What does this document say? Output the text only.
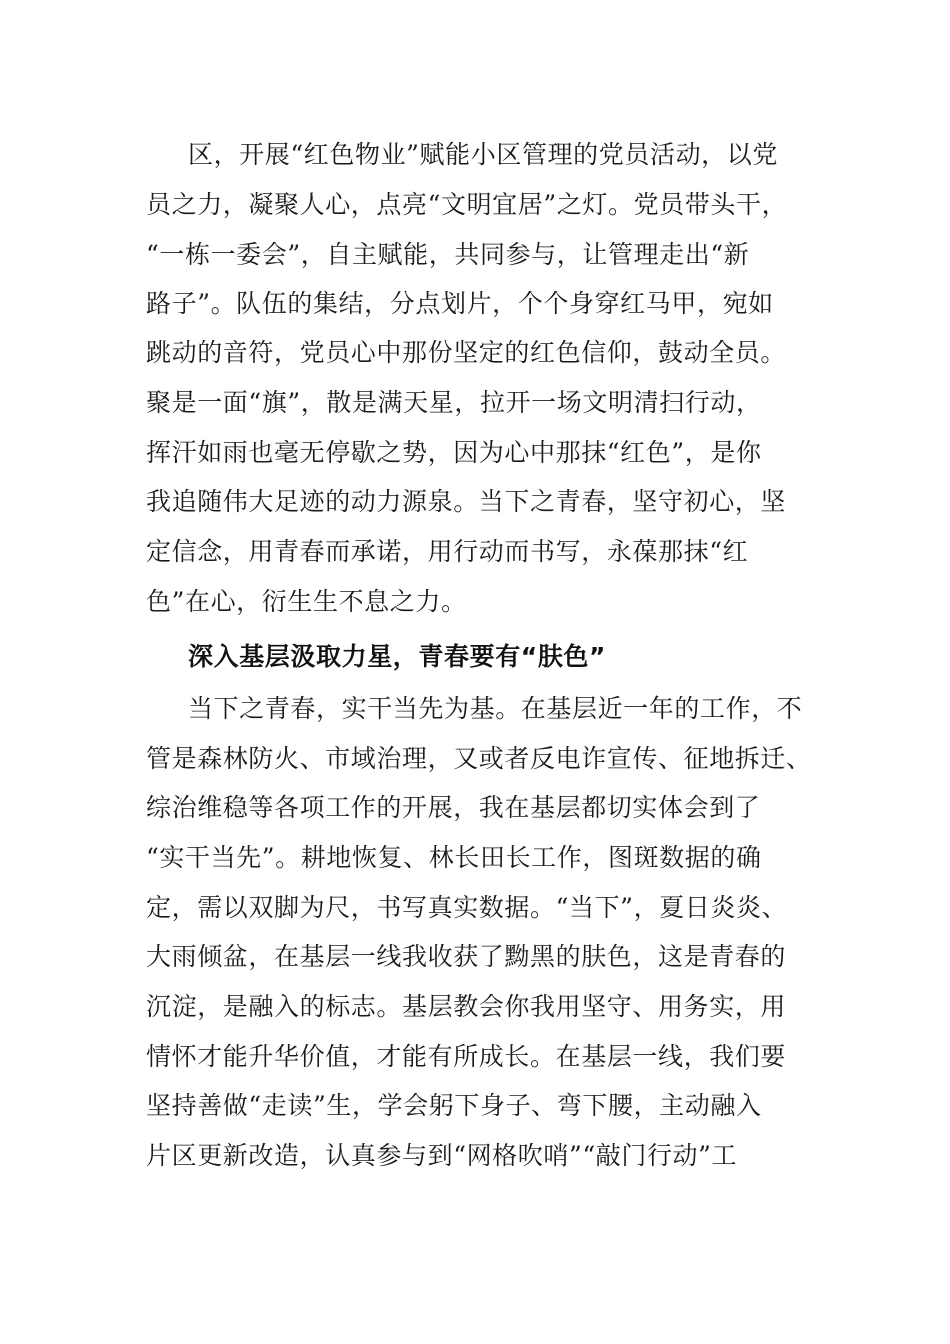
区，开展“红色物业”赋能小区管理的党员活动，以党
员之力，凝聚人心，点亮“文明宜居”之灯。党员带头干，
“一栋一委会”，自主赋能，共同参与，让管理走出“新
路子”。队伍的集结，分点划片，个个身穿红马甲，宛如
跳动的音符，党员心中那份坚定的红色信仰，鼓动全员。
聚是一面“旗”，散是满天星，拉开一场文明清扫行动，
挥汗如雨也毫无停歇之势，因为心中那抹“红色”，是你
我追随伟大足迹的动力源泉。当下之青春，坚守初心，坚
定信念，用青春而承诺，用行动而书写，永葆那抹“红
色”在心，衍生生不息之力。
深入基层汲取力星，青春要有“肤色”
当下之青春，实干当先为基。在基层近一年的工作，不
管是森林防火、市域治理，又或者反电诈宣传、征地拆迁、
综治维稳等各项工作的开展，我在基层都切实体会到了
“实干当先”。耕地恢复、林长田长工作，图斑数据的确
定，需以双脚为尺，书写真实数据。“当下”，夏日炎炎、
大雨倾盆，在基层一线我收获了黝黑的肤色，这是青春的
沉淀，是融入的标志。基层教会你我用坚守、用务实，用
情怀才能升华价值，才能有所成长。在基层一线，我们要
坚持善做“走读”生，学会躬下身子、弯下腰，主动融入
片区更新改造，认真参与到“网格吹哨”“敲门行动”工
